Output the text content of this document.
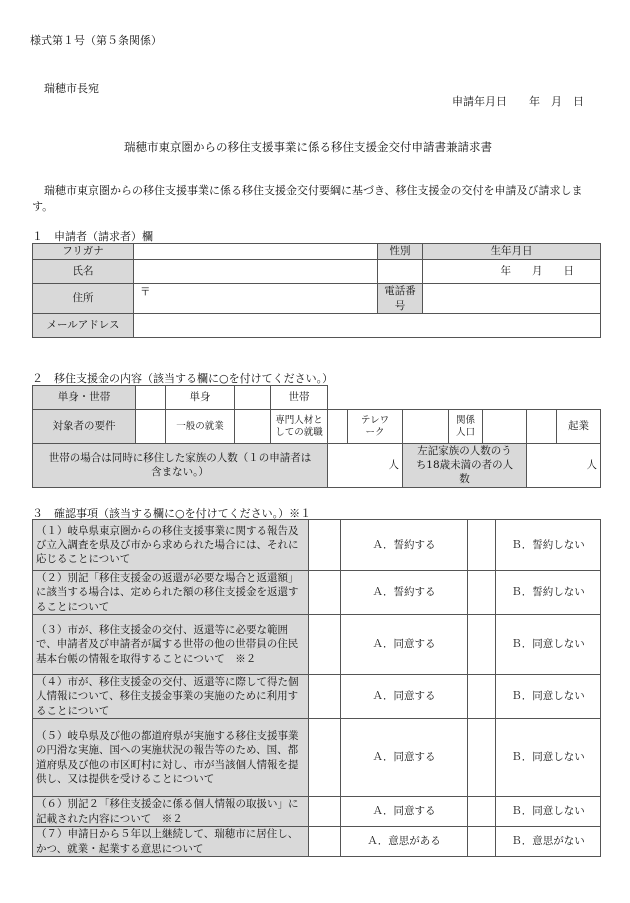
様式第１号（第５条関係）
瑞穂市長宛
申請年月日　　年　月　日
瑞穂市東京圏からの移住支援事業に係る移住支援金交付申請書兼請求書
瑞穂市東京圏からの移住支援事業に係る移住支援金交付要綱に基づき、移住支援金の交付を申請及び請求します。
１　申請者（請求者）欄
フリガナ		性別	生年月日
氏名			年　　月　　日
住所	〒	電話番号	
メールアドレス			
２　移住支援金の内容（該当する欄に○を付けてください。）
単身・世帯		単身		世帯							
対象者の要件		一般の就業		専門人材としての就職		テレワーク		関係人口			起業
世帯の場合は同時に移住した家族の人数（１の申請者は含まない。）					人		左記家族の人数のうち18歳未満の者の人数			人	
３　確認事項（該当する欄に○を付けてください。）※１
（１）岐阜県東京圏からの移住支援事業に関する報告及び立入調査を県及び市から求められた場合には、それに応じることについて		Ａ．誓約する		Ｂ．誓約しない
（２）別記「移住支援金の返還が必要な場合と返還額」に該当する場合は、定められた額の移住支援金を返還することについて		Ａ．誓約する		Ｂ．誓約しない
（３）市が、移住支援金の交付、返還等に必要な範囲で、申請者及び申請者が属する世帯の他の世帯員の住民基本台帳の情報を取得することについて　※２		Ａ．同意する		Ｂ．同意しない
（４）市が、移住支援金の交付、返還等に際して得た個人情報について、移住支援金事業の実施のために利用することについて		Ａ．同意する		Ｂ．同意しない
（５）岐阜県及び他の都道府県が実施する移住支援事業の円滑な実施、国への実施状況の報告等のため、国、都道府県及び他の市区町村に対し、市が当該個人情報を提供し、又は提供を受けることについて		Ａ．同意する		Ｂ．同意しない
（６）別記２「移住支援金に係る個人情報の取扱い」に記載された内容について　※２		Ａ．同意する		Ｂ．同意しない
（７）申請日から５年以上継続して、瑞穂市に居住し、かつ、就業・起業する意思について		Ａ．意思がある		Ｂ．意思がない
